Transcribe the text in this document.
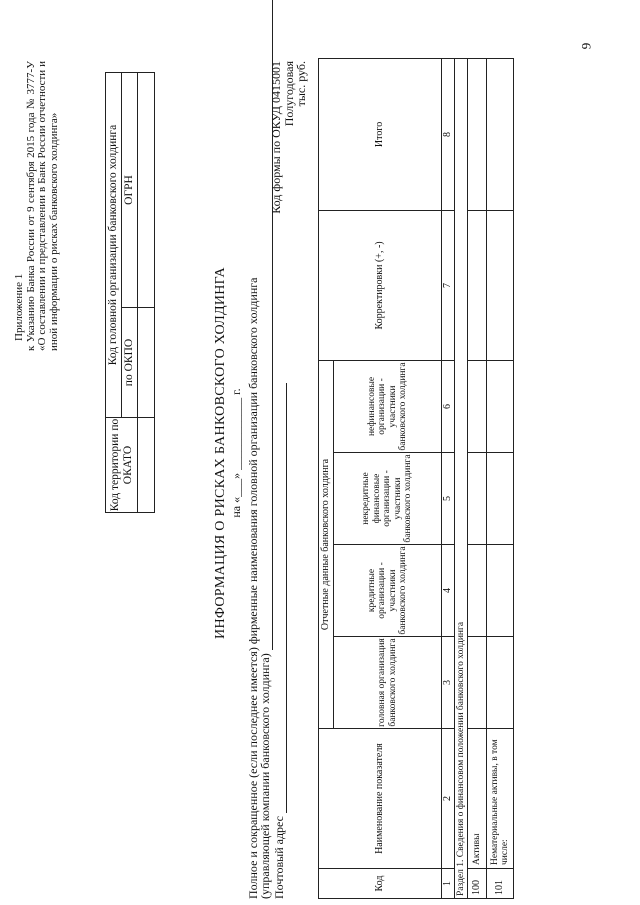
9
Приложение 1 к Указанию Банка России от 9 сентября 2015 года № 3777-У «О составлении и представлении в Банк России отчетности и иной информации о рисках банковского холдинга»
Код территории по ОКАТО	Код головной организации банковского холдинга	
	по ОКПО	ОГРН

ИНФОРМАЦИЯ О РИСКАХ БАНКОВСКОГО ХОЛДИНГА на «___» ____________ г. Полное и сокращенное (если последнее имеется) фирменные наименования головной организации банковского холдинга
(управляющей компании банковского холдинга) Почтовый адрес
Код формы по ОКУД 0415001 Полугодовая
тыс. руб.
Код	Наименование показателя	Отчетные данные банковского холдинга				Корректировки (+, -)	Итого
		головная организация банковского холдинга	кредитные организации - участники банковского холдинга	некредитные финансовые организации - участники банковского холдинга	нефинансовые организации - участники банковского холдинга		
1	2	3	4	5	6	7	8
Раздел 1. Сведения о финансовом положении банковского холдинга							
100	Активы						
101	Нематериальные активы, в том числе:						
